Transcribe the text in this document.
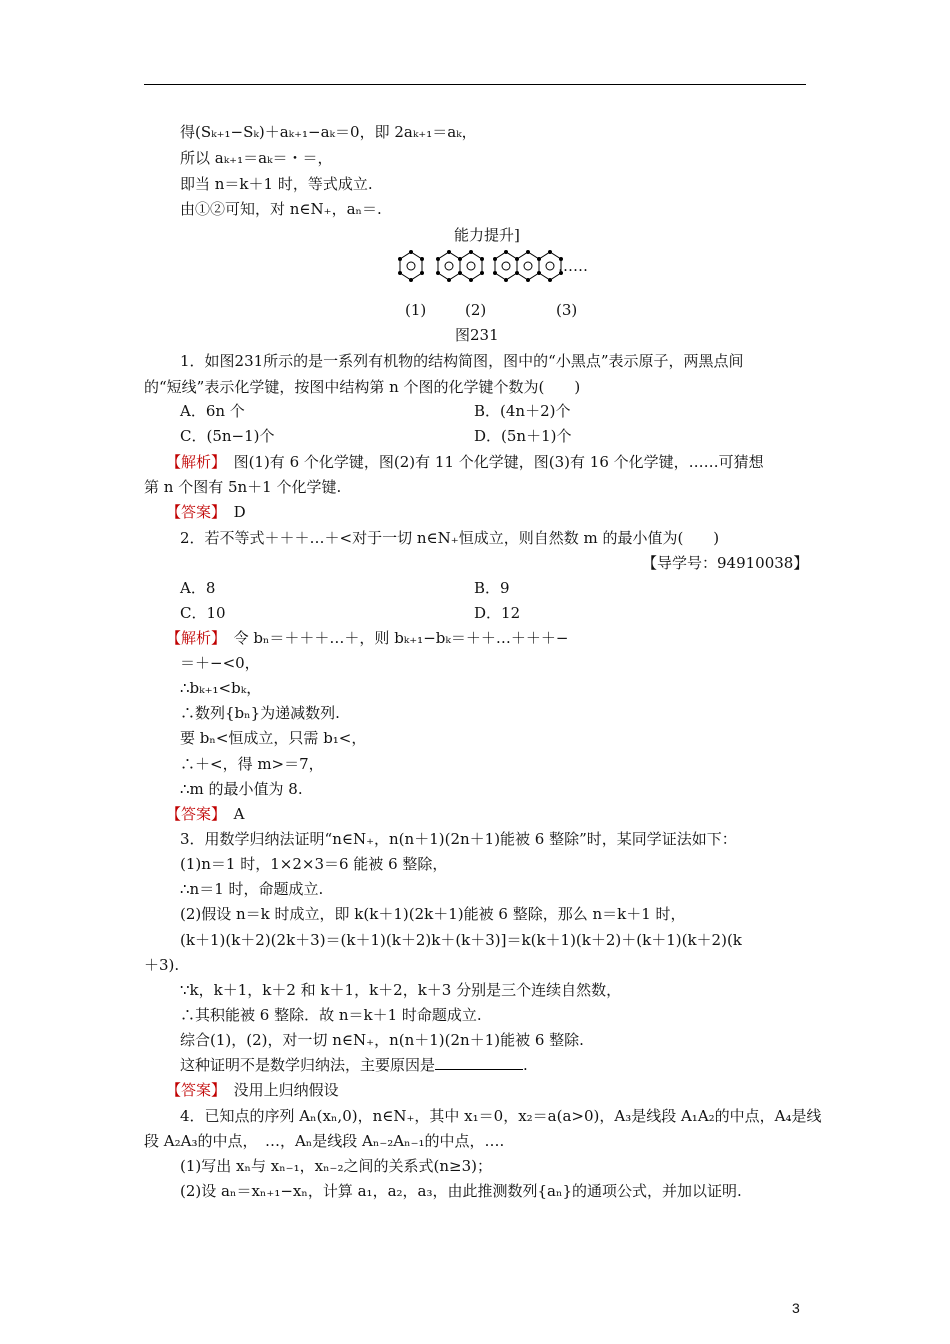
得(Sₖ₊₁−Sₖ)＋aₖ₊₁−aₖ＝0，即 2aₖ₊₁＝aₖ，
所以 aₖ₊₁＝aₖ＝・＝，
即当 n＝k＋1 时，等式成立.
由①②可知，对 n∈N₊，aₙ＝.
能力提升]
……
(1)	(2)	(3)
图231
1．如图231所示的是一系列有机物的结构简图，图中的“小黑点”表示原子，两黑点间
的“短线”表示化学键，按图中结构第 n 个图的化学键个数为(　　)
A．6n 个	B．(4n＋2)个
C．(5n−1)个	D．(5n＋1)个
【解析】　 图(1)有 6 个化学键，图(2)有 11 个化学键，图(3)有 16 个化学键，……可猜想
第 n 个图有 5n＋1 个化学键.
【答案】　 D
2．若不等式＋＋＋…＋<对于一切 n∈N₊恒成立，则自然数 m 的最小值为(　　)
【导学号：94910038】
A．8	B．9
C．10	D．12
【解析】　 令 bₙ＝＋＋＋…＋，则 bₖ₊₁−bₖ＝＋＋…＋＋＋−
＝＋−<0，
∴bₖ₊₁<bₖ，
∴数列{bₙ}为递减数列.
要 bₙ<恒成立，只需 b₁<，
∴＋<，得 m>＝7，
∴m 的最小值为 8.
【答案】　 A
3．用数学归纳法证明“n∈N₊，n(n＋1)(2n＋1)能被 6 整除”时，某同学证法如下：
(1)n＝1 时，1×2×3＝6 能被 6 整除，
∴n＝1 时，命题成立.
(2)假设 n＝k 时成立，即 k(k＋1)(2k＋1)能被 6 整除，那么 n＝k＋1 时，
(k＋1)(k＋2)(2k＋3)＝(k＋1)(k＋2)k＋(k＋3)]＝k(k＋1)(k＋2)＋(k＋1)(k＋2)(k
＋3).
∵k，k＋1，k＋2 和 k＋1，k＋2，k＋3 分别是三个连续自然数，
∴其积能被 6 整除．故 n＝k＋1 时命题成立.
综合(1)，(2)，对一切 n∈N₊，n(n＋1)(2n＋1)能被 6 整除.
这种证明不是数学归纳法，主要原因是	.
【答案】　 没用上归纳假设
4．已知点的序列 Aₙ(xₙ,0)，n∈N₊，其中 x₁＝0，x₂＝a(a>0)，A₃是线段 A₁A₂的中点，A₄是线
段 A₂A₃的中点，　…，Aₙ是线段 Aₙ₋₂Aₙ₋₁的中点，….
(1)写出 xₙ与 xₙ₋₁，xₙ₋₂之间的关系式(n≥3)；
(2)设 aₙ＝xₙ₊₁−xₙ，计算 a₁，a₂，a₃，由此推测数列{aₙ}的通项公式，并加以证明.
3
